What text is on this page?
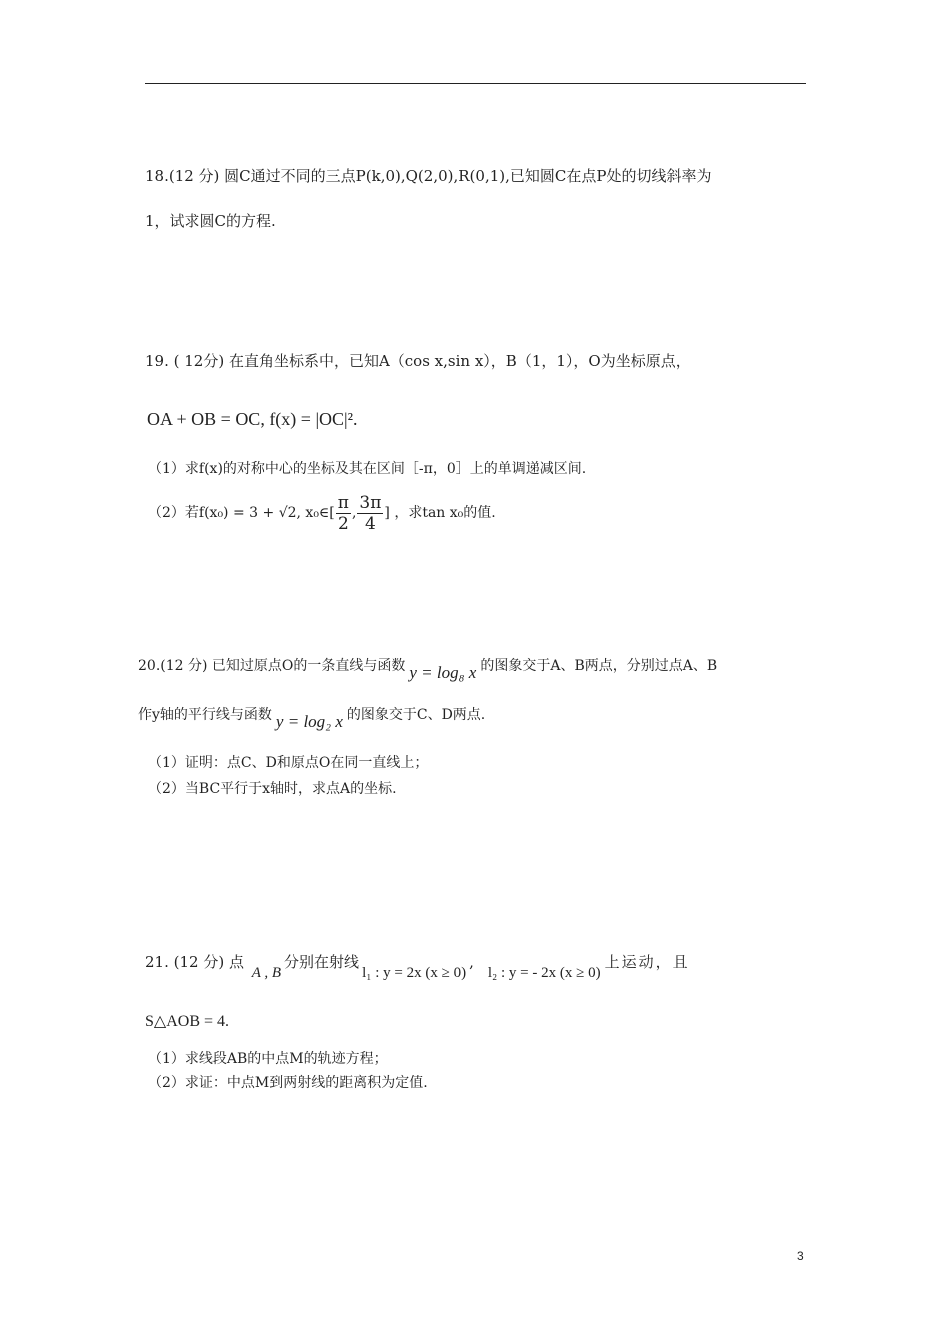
18.(12 分) 圆C通过不同的三点P(k,0),Q(2,0),R(0,1),已知圆C在点P处的切线斜率为
1，试求圆C的方程.
19. ( 12分) 在直角坐标系中，已知A（cos x,sin x），B（1，1），O为坐标原点，
OA + OB = OC, f(x) = |OC|².
（1）求f(x)的对称中心的坐标及其在区间［-π，0］上的单调递减区间.
（2）若f(x₀) = 3 + √2, x₀∈[ $\frac{\pi}{2}$ , $\frac{3\pi}{4}$ ] ，求tan x₀的值.
20.(12 分) 已知过原点O的一条直线与函数 y = log₈ x 的图象交于A、B两点，分别过点A、B
作y轴的平行线与函数 y = log₂ x 的图象交于C、D两点.
（1）证明：点C、D和原点O在同一直线上；
（2）当BC平行于x轴时，求点A的坐标.
21. (12 分) 点 A , B分别在射线l₁ : y = 2x (x ≥ 0),l₂ : y = - 2x (x ≥ 0)上运动，且
S△AOB = 4.
（1）求线段AB的中点M的轨迹方程；
（2）求证：中点M到两射线的距离积为定值.
3
